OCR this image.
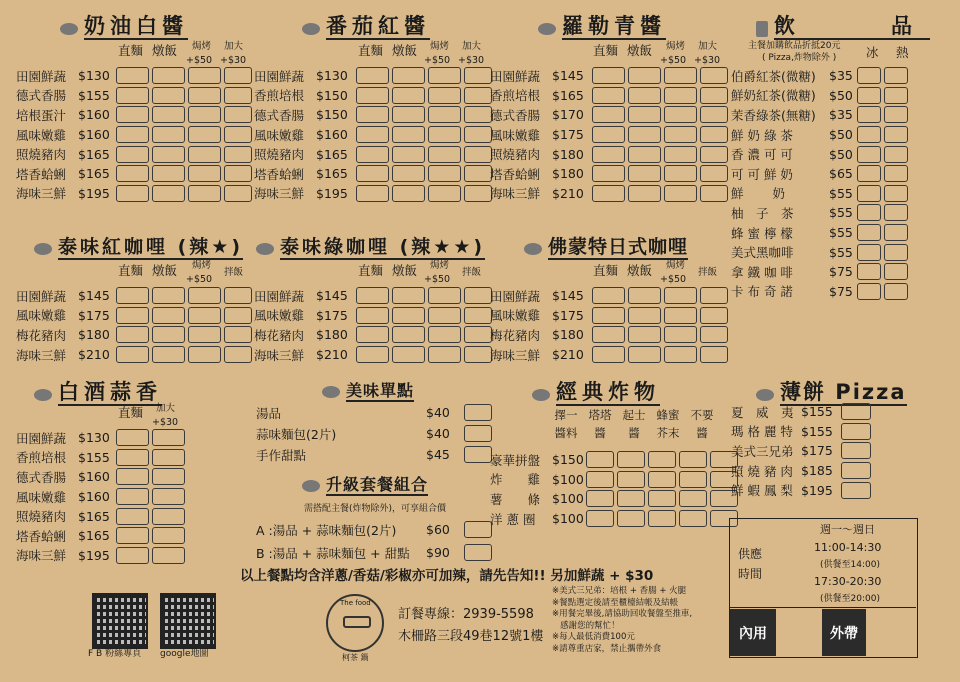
奶油白醬
直麵 燉飯 焗烤
+$50
加大
+$30
田園鮮蔬 $130
德式香腸 $155
培根蛋汁 $160
風味嫩雞 $160
照燒豬肉 $165
塔香蛤蜊 $165
海味三鮮 $195
番茄紅醬
直麵 燉飯 焗烤
+$50
加大
+$30
田園鮮蔬 $130
香煎培根 $150
德式香腸 $150
風味嫩雞 $160
照燒豬肉 $165
塔香蛤蜊 $165
海味三鮮 $195
羅勒青醬
直麵 燉飯 焗烤
+$50
加大
+$30
田園鮮蔬 $145
香煎培根 $165
德式香腸 $170
風味嫩雞 $175
照燒豬肉 $180
塔香蛤蜊 $180
海味三鮮 $210
飲　　品
主餐加購飲品折抵20元
( Pizza,炸物除外 ) 冰 熱
伯爵紅茶(微糖)	$35
鮮奶紅茶(微糖)	$50
茉香綠茶(無糖)	$35
鮮 奶 綠 茶	$50
香 濃 可 可	$50
可 可 鮮 奶	$65
鮮　　 奶	$55
柚　子　茶	$55
蜂 蜜 檸 檬	$55
美式黑咖啡	$55
拿 鐵 咖 啡	$75
卡 布 奇 諾	$75
泰味紅咖哩 (辣★)
直麵 燉飯 焗烤
+$50
拌飯
田園鮮蔬 $145
風味嫩雞 $175
梅花豬肉 $180
海味三鮮 $210
泰味綠咖哩 (辣★★)
直麵 燉飯 焗烤
+$50
拌飯
田園鮮蔬 $145
風味嫩雞 $175
梅花豬肉 $180
海味三鮮 $210
佛蒙特日式咖哩
直麵 燉飯 焗烤
+$50
拌飯
田園鮮蔬 $145
風味嫩雞 $175
梅花豬肉 $180
海味三鮮 $210
白酒蒜香
直麵 加大
+$30
田園鮮蔬 $130
香煎培根 $155
德式香腸 $160
風味嫩雞 $160
照燒豬肉 $165
塔香蛤蜊 $165
海味三鮮 $195
美味單點
湯品	$40
蒜味麵包(2片)	$40
手作甜點	$45
升級套餐組合
需搭配主餐(炸物除外)，可享組合價
A :湯品 + 蒜味麵包(2片)	$60
B :湯品 + 蒜味麵包 + 甜點	$90
經典炸物
擇一
醬料
塔塔
醬
起士
醬
蜂蜜
芥末
不要
醬
豪華拼盤 $150
炸　　雞 $100
薯　　條 $100
洋 蔥 圈	$100
薄餅 Pizza
夏　威　夷 $155
瑪 格 麗 特 $155
美式三兄弟 $175
照 燒 豬 肉 $185
鮮 蝦 鳳 梨 $195
以上餐點均含洋蔥/香菇/彩椒亦可加辣，請先告知!! 另加鮮蔬 + $30
F B 粉絲專頁 google地圖
The food
柯茶 鍋
訂餐專線：2939-5598
木柵路三段49巷12號1樓
※美式三兄弟：培根 + 香腸 + 火腿
※餐點選定後請至櫃檯結帳及結帳
※用餐完畢後,請協助回收餐盤至推車,
感謝您的幫忙！
※每人最低消費100元
※請尊重店家，禁止攜帶外食
週一～週日
供應
時間
11:00-14:30
(供餐至14:00)
17:30-20:30
(供餐至20:00)
內用	外帶
